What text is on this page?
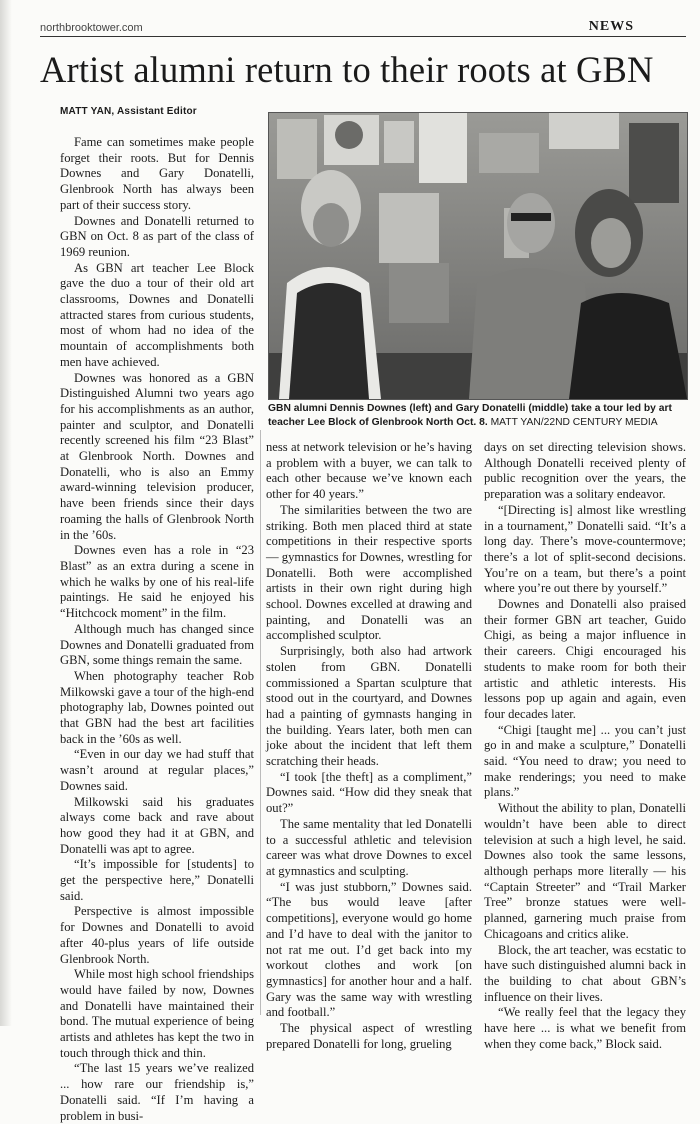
northbrooktower.com	NEWS
Artist alumni return to their roots at GBN
MATT YAN, Assistant Editor

Fame can sometimes make people forget their roots. But for Dennis Downes and Gary Donatelli, Glenbrook North has always been part of their success story.

Downes and Donatelli returned to GBN on Oct. 8 as part of the class of 1969 reunion.

As GBN art teacher Lee Block gave the duo a tour of their old art classrooms, Downes and Donatelli attracted stares from curious students, most of whom had no idea of the mountain of accomplishments both men have achieved.

Downes was honored as a GBN Distinguished Alumni two years ago for his accomplishments as an author, painter and sculptor, and Donatelli recently screened his film “23 Blast” at Glenbrook North. Downes and Donatelli, who is also an Emmy award-winning television producer, have been friends since their days roaming the halls of Glenbrook North in the ’60s.

Downes even has a role in “23 Blast” as an extra during a scene in which he walks by one of his real-life paintings. He said he enjoyed his “Hitchcock moment” in the film.

Although much has changed since Downes and Donatelli graduated from GBN, some things remain the same.

When photography teacher Rob Milkowski gave a tour of the high-end photography lab, Downes pointed out that GBN had the best art facilities back in the ’60s as well.

“Even in our day we had stuff that wasn’t around at regular places,” Downes said.

Milkowski said his graduates always come back and rave about how good they had it at GBN, and Donatelli was apt to agree.

“It’s impossible for [students] to get the perspective here,” Donatelli said.

Perspective is almost impossible for Downes and Donatelli to avoid after 40-plus years of life outside Glenbrook North.

While most high school friendships would have failed by now, Downes and Donatelli have maintained their bond. The mutual experience of being artists and athletes has kept the two in touch through thick and thin.

“The last 15 years we’ve realized ... how rare our friendship is,” Donatelli said. “If I’m having a problem in busi-

GBN alumni Dennis Downes (left) and Gary Donatelli (middle) take a tour led by art teacher Lee Block of Glenbrook North Oct. 8. MATT YAN/22ND CENTURY MEDIA

ness at network television or he’s having a problem with a buyer, we can talk to each other because we’ve known each other for 40 years.”

The similarities between the two are striking. Both men placed third at state competitions in their respective sports — gymnastics for Downes, wrestling for Donatelli. Both were accomplished artists in their own right during high school. Downes excelled at drawing and painting, and Donatelli was an accomplished sculptor.

Surprisingly, both also had artwork stolen from GBN. Donatelli commissioned a Spartan sculpture that stood out in the courtyard, and Downes had a painting of gymnasts hanging in the building. Years later, both men can joke about the incident that left them scratching their heads.

“I took [the theft] as a compliment,” Downes said. “How did they sneak that out?”

The same mentality that led Donatelli to a successful athletic and television career was what drove Downes to excel at gymnastics and sculpting.

“I was just stubborn,” Downes said. “The bus would leave [after competitions], everyone would go home and I’d have to deal with the janitor to not rat me out. I’d get back into my workout clothes and work [on gymnastics] for another hour and a half. Gary was the same way with wrestling and football.”

The physical aspect of wrestling prepared Donatelli for long, grueling

days on set directing television shows. Although Donatelli received plenty of public recognition over the years, the preparation was a solitary endeavor.

“[Directing is] almost like wrestling in a tournament,” Donatelli said. “It’s a long day. There’s move-countermove; there’s a lot of split-second decisions. You’re on a team, but there’s a point where you’re out there by yourself.”

Downes and Donatelli also praised their former GBN art teacher, Guido Chigi, as being a major influence in their careers. Chigi encouraged his students to make room for both their artistic and athletic interests. His lessons pop up again and again, even four decades later.

“Chigi [taught me] ... you can’t just go in and make a sculpture,” Donatelli said. “You need to draw; you need to make renderings; you need to make plans.”

Without the ability to plan, Donatelli wouldn’t have been able to direct television at such a high level, he said. Downes also took the same lessons, although perhaps more literally — his “Captain Streeter” and “Trail Marker Tree” bronze statues were well-planned, garnering much praise from Chicagoans and critics alike.

Block, the art teacher, was ecstatic to have such distinguished alumni back in the building to chat about GBN’s influence on their lives.

“We really feel that the legacy they have here ... is what we benefit from when they come back,” Block said.
